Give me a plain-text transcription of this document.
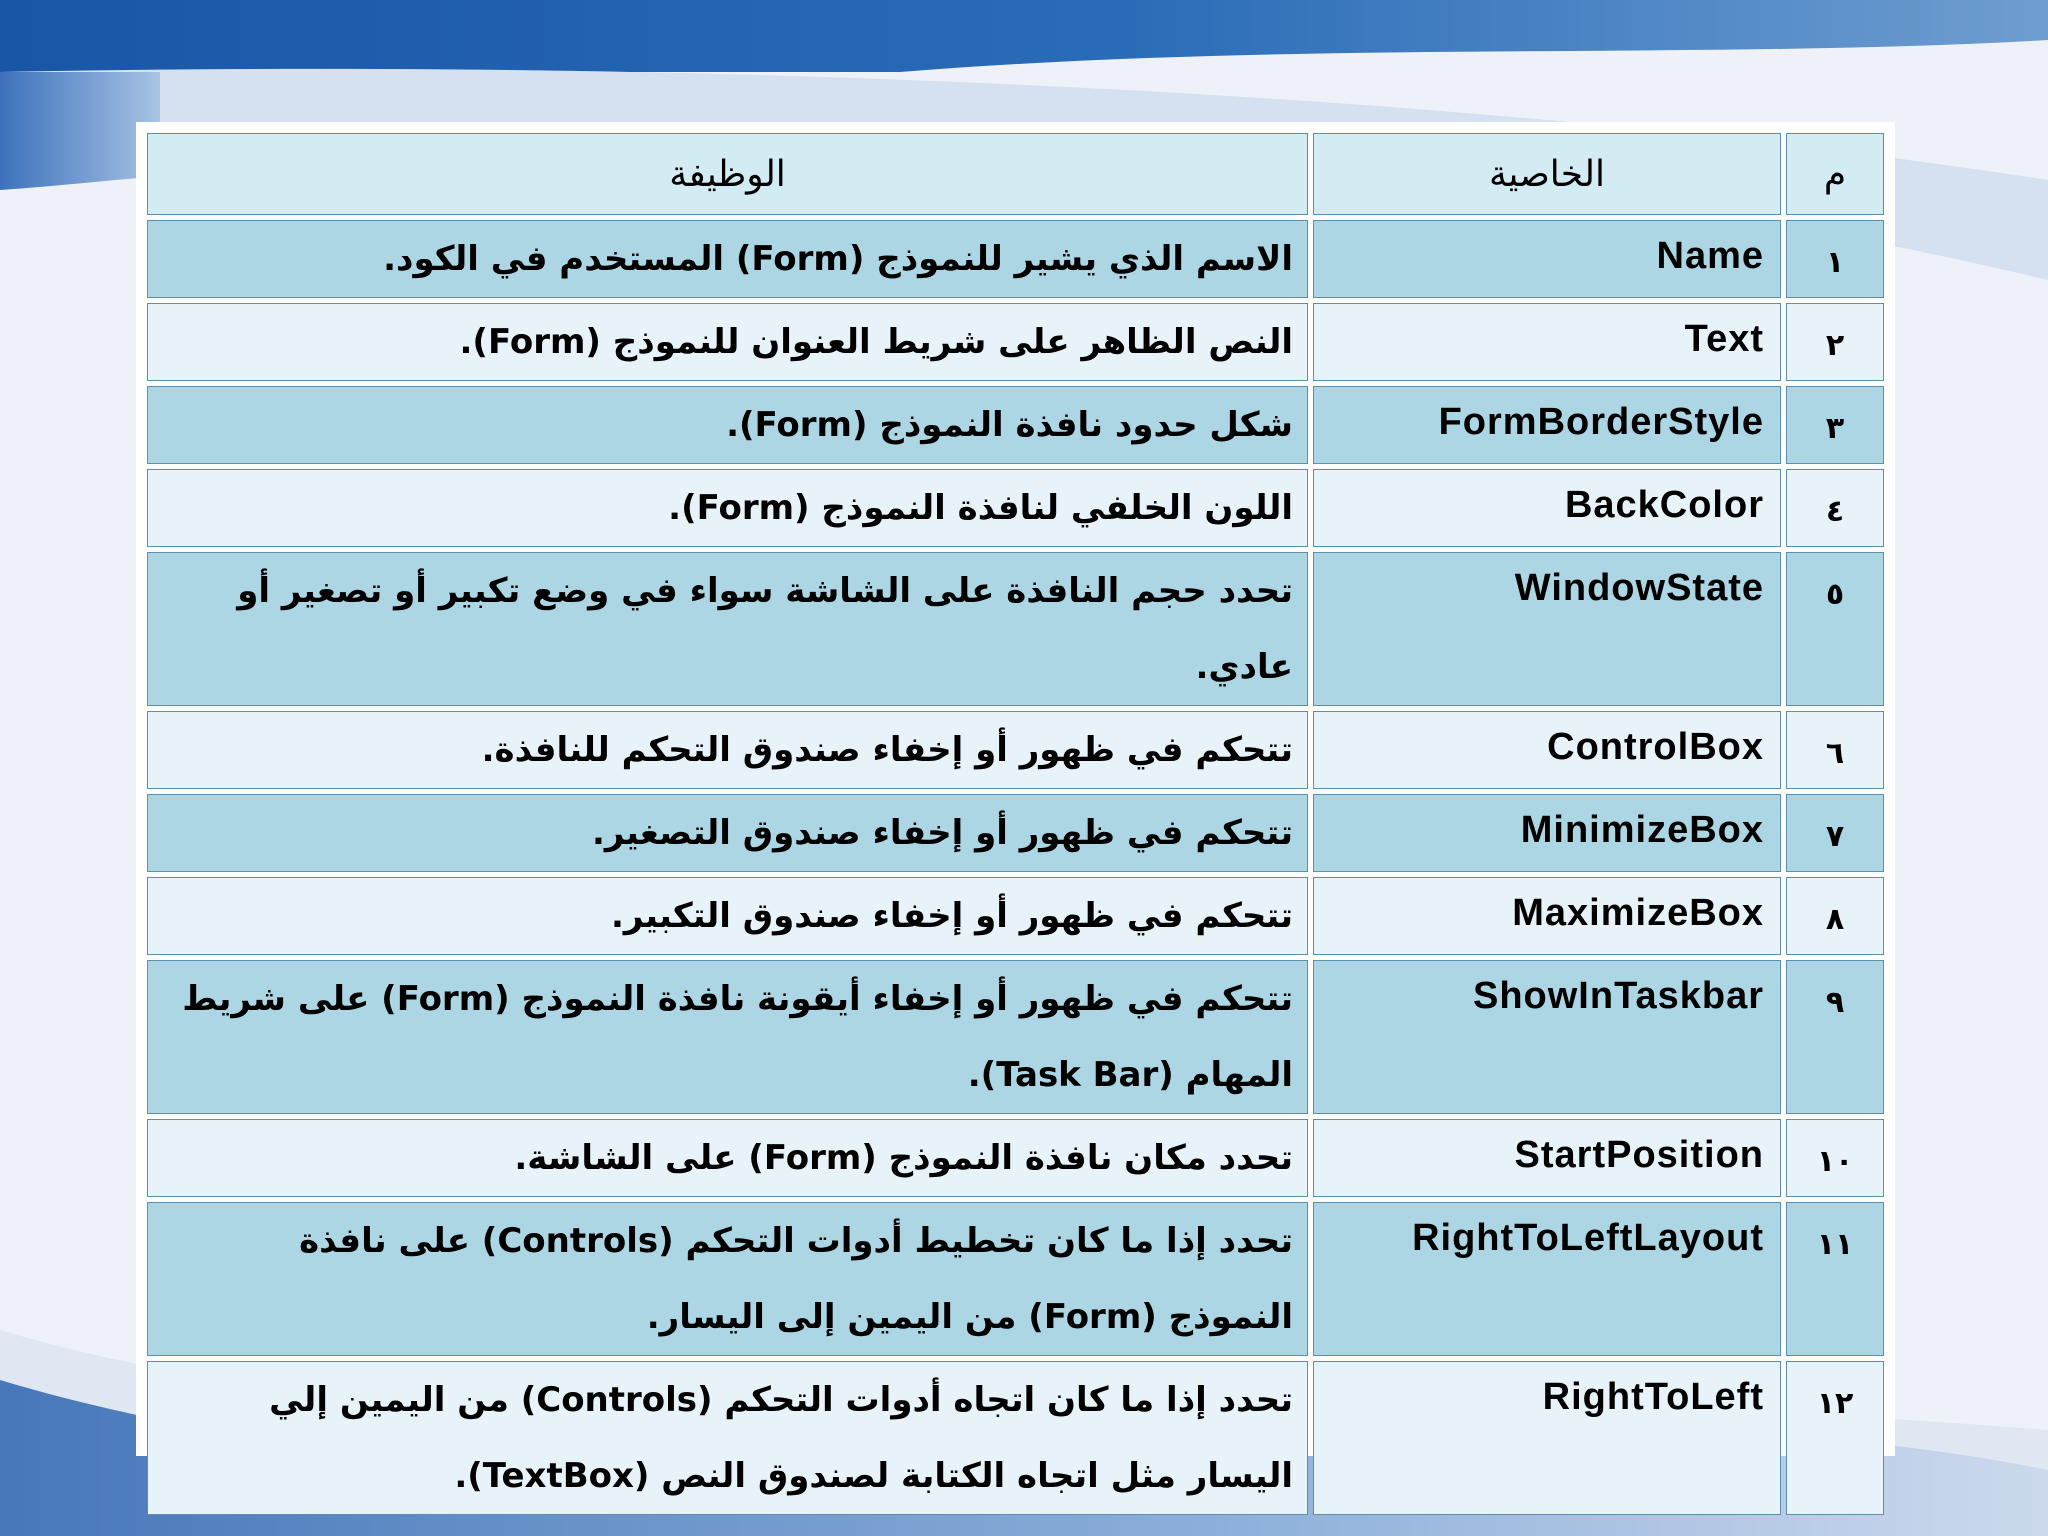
م	الخاصية	الوظيفة
١	Name	الاسم الذي يشير للنموذج (Form) المستخدم في الكود.
٢	Text	النص الظاهر على شريط العنوان للنموذج (Form).
٣	FormBorderStyle	شكل حدود نافذة النموذج (Form).
٤	BackColor	اللون الخلفي لنافذة النموذج (Form).
٥	WindowState	تحدد حجم النافذة على الشاشة سواء في وضع تكبير أو تصغير أو عادي.
٦	ControlBox	تتحكم في ظهور أو إخفاء صندوق التحكم للنافذة.
٧	MinimizeBox	تتحكم في ظهور أو إخفاء صندوق التصغير.
٨	MaximizeBox	تتحكم في ظهور أو إخفاء صندوق التكبير.
٩	ShowInTaskbar	تتحكم في ظهور أو إخفاء أيقونة نافذة النموذج (Form) على شريط المهام (Task Bar).
١٠	StartPosition	تحدد مكان نافذة النموذج (Form) على الشاشة.
١١	RightToLeftLayout	تحدد إذا ما كان تخطيط أدوات التحكم (Controls) على نافذة النموذج (Form) من اليمين إلى اليسار.
١٢	RightToLeft	تحدد إذا ما كان اتجاه أدوات التحكم (Controls) من اليمين إلي اليسار مثل اتجاه الكتابة لصندوق النص (TextBox).
